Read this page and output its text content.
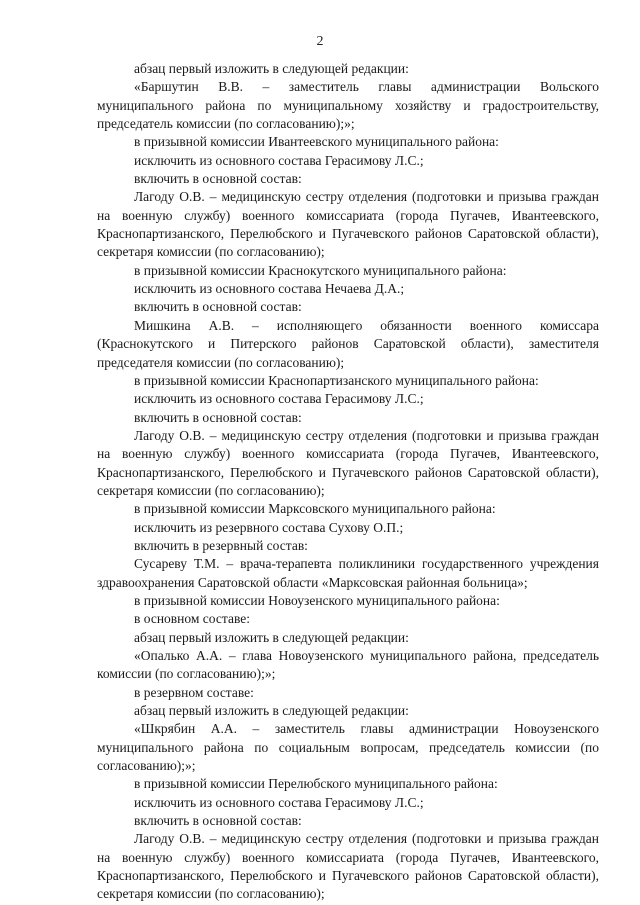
2

абзац первый изложить в следующей редакции:

«Баршутин В.В. – заместитель главы администрации Вольского муниципального района по муниципальному хозяйству и градостроительству, председатель комиссии (по согласованию);»;

в призывной комиссии Ивантеевского муниципального района:

исключить из основного состава Герасимову Л.С.;

включить в основной состав:

Лагоду О.В. – медицинскую сестру отделения (подготовки и призыва граждан на военную службу) военного комиссариата (города Пугачев, Ивантеевского, Краснопартизанского, Перелюбского и Пугачевского районов Саратовской области), секретаря комиссии (по согласованию);

в призывной комиссии Краснокутского муниципального района:

исключить из основного состава Нечаева Д.А.;

включить в основной состав:

Мишкина А.В. – исполняющего обязанности военного комиссара (Краснокутского и Питерского районов Саратовской области), заместителя председателя комиссии (по согласованию);

в призывной комиссии Краснопартизанского муниципального района:

исключить из основного состава Герасимову Л.С.;

включить в основной состав:

Лагоду О.В. – медицинскую сестру отделения (подготовки и призыва граждан на военную службу) военного комиссариата (города Пугачев, Ивантеевского, Краснопартизанского, Перелюбского и Пугачевского районов Саратовской области), секретаря комиссии (по согласованию);

в призывной комиссии Марксовского муниципального района:

исключить из резервного состава Сухову О.П.;

включить в резервный состав:

Сусареву Т.М. – врача-терапевта поликлиники государственного учреждения здравоохранения Саратовской области «Марксовская районная больница»;

в призывной комиссии Новоузенского муниципального района:

в основном составе:

абзац первый изложить в следующей редакции:

«Опалько А.А. – глава Новоузенского муниципального района, председатель комиссии (по согласованию);»;

в резервном составе:

абзац первый изложить в следующей редакции:

«Шкрябин А.А. – заместитель главы администрации Новоузенского муниципального района по социальным вопросам, председатель комиссии (по согласованию);»;

в призывной комиссии Перелюбского муниципального района:

исключить из основного состава Герасимову Л.С.;

включить в основной состав:

Лагоду О.В. – медицинскую сестру отделения (подготовки и призыва граждан на военную службу) военного комиссариата (города Пугачев, Ивантеевского, Краснопартизанского, Перелюбского и Пугачевского районов Саратовской области), секретаря комиссии (по согласованию);
